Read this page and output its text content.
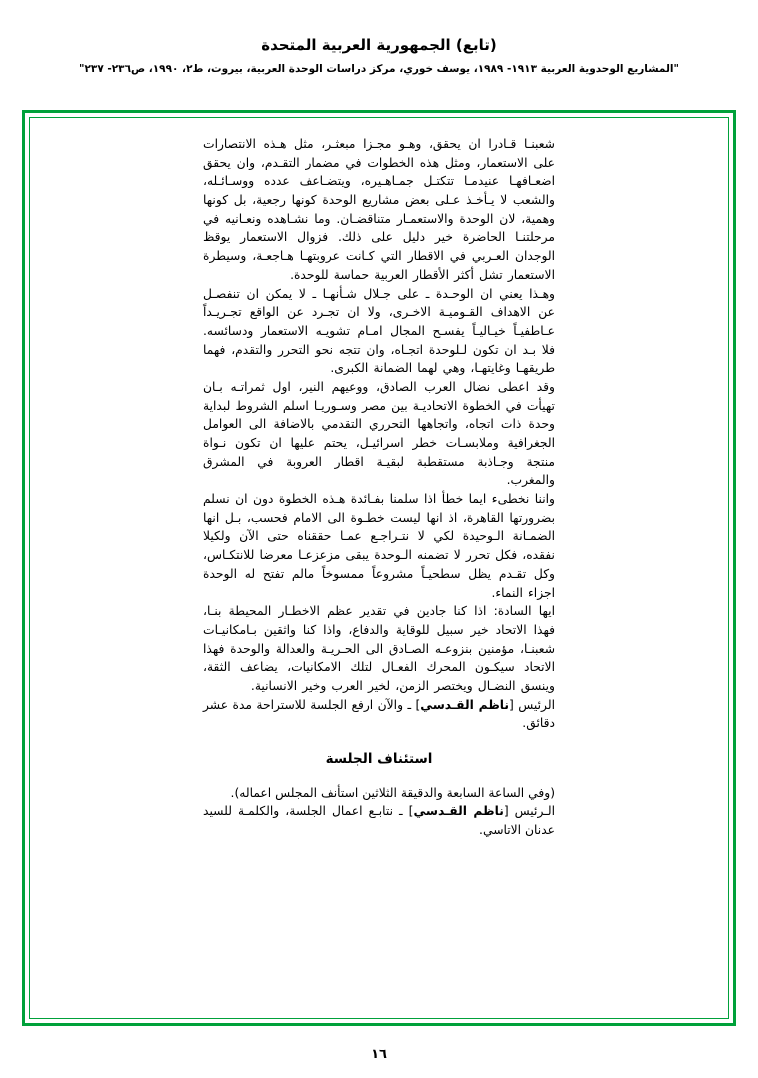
(تابع) الجمهورية العربية المتحدة
"المشاريع الوحدوية العربية ١٩١٣- ١٩٨٩، يوسف خوري، مركز دراسات الوحدة العربية، بيروت، ط٢، ١٩٩٠، ص٢٣٦- ٢٣٧"

شعبنـا قـادرا ان يحقق، وهـو مجـزا مبعثـر، مثل هـذه الانتصارات على الاستعمار، ومثل هذه الخطوات في مضمار التقـدم، وان يحقق اضعـافهـا عنيدمـا تتكتـل جمـاهـيره، ويتضـاعف عدده ووسـائـله، والشعب لا يـأخـذ عـلى بعض مشاريع الوحدة كونها رجعية، بل كونها وهمية، لان الوحدة والاستعمـار متناقضـان. وما نشـاهده ونعـانيه في مرحلتنـا الحاضرة خير دليل على ذلك. فزوال الاستعمار يوقظ الوجدان العـربي في الاقطار التي كـانت عروبتهـا هـاجعـة، وسيطرة الاستعمار تشل أكثر الأقطار العربية حماسة للوحدة.

وهـذا يعني ان الوحـدة ـ على جـلال شـأنهـا ـ لا يمكن ان تنفصـل عن الاهداف القـوميـة الاخـرى، ولا ان تجـرد عن الواقع تجـريـداً عـاطفيـاً خيـاليـاً يفسـح المجال امـام تشويـه الاستعمار ودسائسه. فلا بـد ان تكون لـلوحدة اتجـاه، وان تتجه نحو التحرر والتقدم، فهما طريقهـا وغايتهـا، وهي لهما الضمانة الكبرى.

وقد اعطى نضال العرب الصادق، ووعيهم النير، اول ثمراتـه بـان تهيأت في الخطوة الاتحاديـة بين مصر وسـوريـا اسلم الشروط لبداية وحدة ذات اتجاه، واتجاهها التحرري التقدمي بالاضافة الى العوامل الجغرافية وملابسـات خطر اسرائيـل، يحتم عليها ان تكون نـواة منتجة وجـاذبة مستقطبة لبقيـة اقطار العروبة في المشرق والمغرب.

واننا نخطىء ايما خطأ اذا سلمنا بفـائدة هـذه الخطوة دون ان نسلم بضرورتها القاهرة، اذ انها ليست خطـوة الى الامام فحسب، بـل انها الضمـانة الـوحيدة لكي لا نتـراجـع عمـا حققناه حتى الآن ولكيلا نفقده، فكل تحرر لا تضمنه الـوحدة يبقى مزعزعـا معرضا للانتكـاس، وكل تقـدم يظل سطحيـاً مشروعاً ممسوخاً مالم تفتح له الوحدة اجزاء النماء.

ايها السادة: اذا كنا جادين في تقدير عظم الاخطـار المحيطة بنـا، فهذا الاتحاد خير سبيل للوقاية والدفاع، واذا كنا واثقين بـامكانيـات شعبنـا، مؤمنين بنزوعـه الصـادق الى الحـريـة والعدالة والوحدة فهذا الاتحاد سيكـون المحرك الفعـال لتلك الامكانيات، يضاعف الثقة، وينسق النضـال ويختصر الزمن، لخير العرب وخير الانسانية.

الرئيس [ناظم القـدسي] ـ والآن ارفع الجلسة للاستراحة مدة عشر دقائق.

استئناف الجلسة

(وفي الساعة السابعة والدقيقة الثلاثين استأنف المجلس اعماله).

الـرئيس [ناظم القـدسي] ـ نتابـع اعمال الجلسة، والكلمـة للسيد عدنان الاتاسي.

١٦
